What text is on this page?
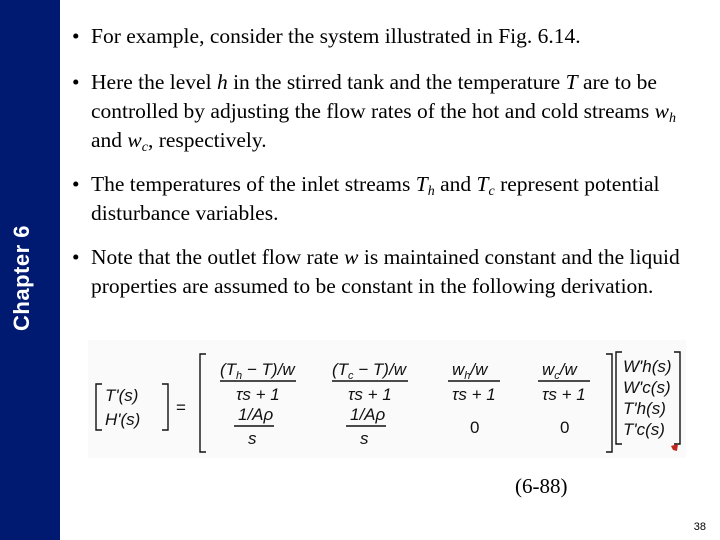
Chapter 6
• For example, consider the system illustrated in Fig. 6.14.
• Here the level h in the stirred tank and the temperature T are to be controlled by adjusting the flow rates of the hot and cold streams $w_h$ and $w_c$, respectively.
• The temperatures of the inlet streams $T_h$ and $T_c$ represent potential disturbance variables.
• Note that the outlet flow rate w is maintained constant and the liquid properties are assumed to be constant in the following derivation.
T'(s)
H'(s)
=
$(T_h - T)/w$
τs + 1
1/Aρ
s
$(T_c - T)/w$
τs + 1
1/Aρ
s
$w_h/w$
τs + 1
0
$w_c/w$
τs + 1
0
W'h(s)
W'c(s)
T'h(s)
T'c(s)
(6-88)
38
